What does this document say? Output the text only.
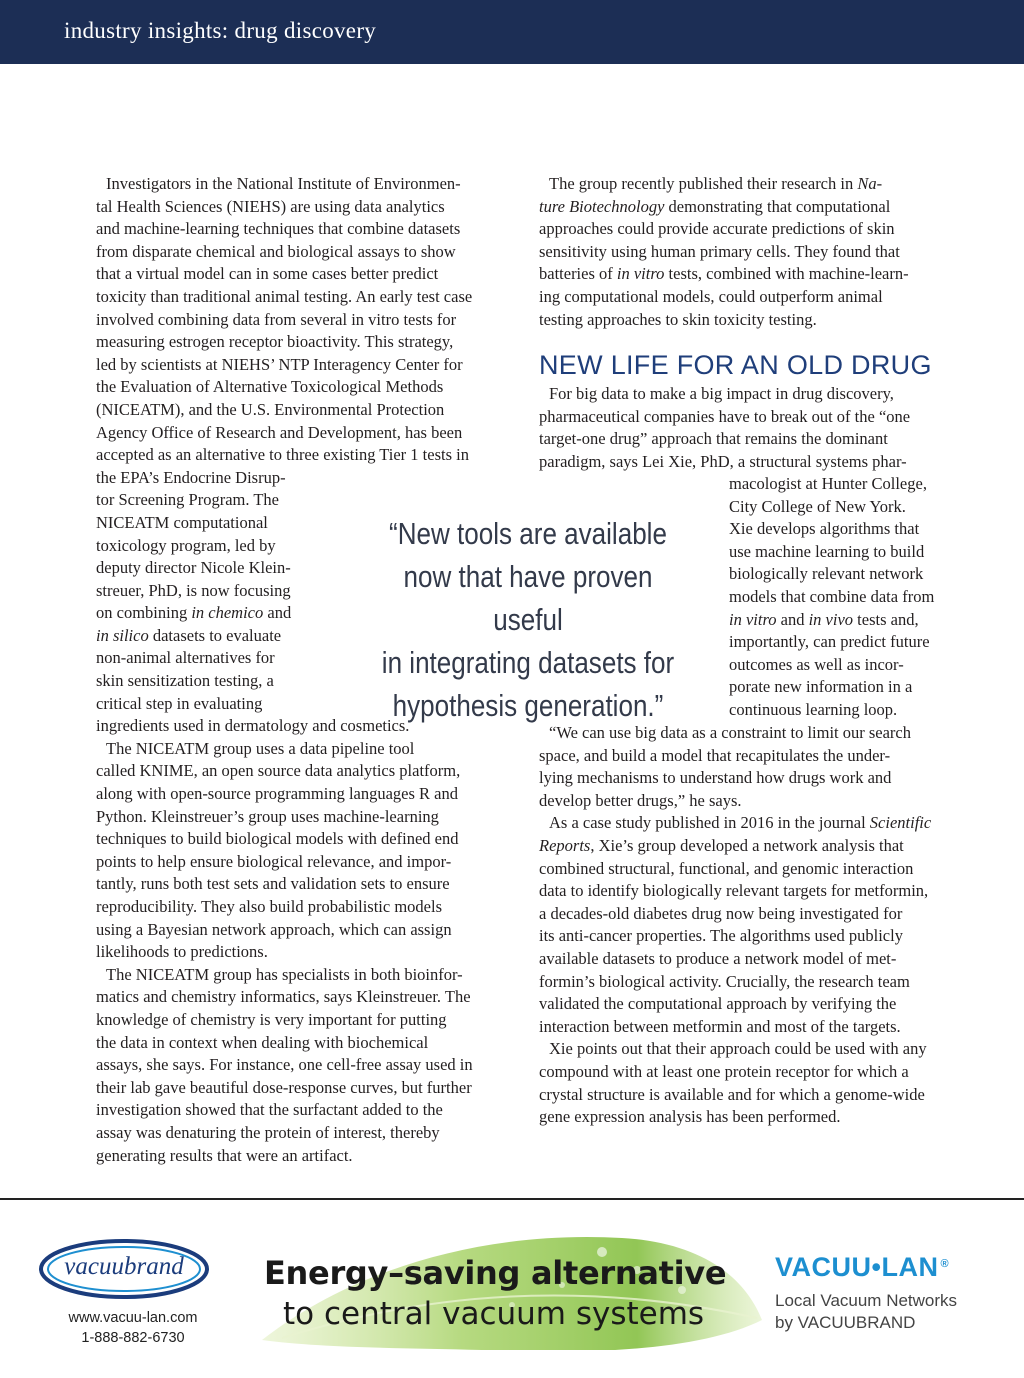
industry insights: drug discovery
Investigators in the National Institute of Environmen-
tal Health Sciences (NIEHS) are using data analytics
and machine-learning techniques that combine datasets
from disparate chemical and biological assays to show
that a virtual model can in some cases better predict
toxicity than traditional animal testing. An early test case
involved combining data from several in vitro tests for
measuring estrogen receptor bioactivity. This strategy,
led by scientists at NIEHS’ NTP Interagency Center for
the Evaluation of Alternative Toxicological Methods
(NICEATM), and the U.S. Environmental Protection
Agency Office of Research and Development, has been
accepted as an alternative to three existing Tier 1 tests in
the EPA’s Endocrine Disrup-
tor Screening Program. The
NICEATM computational
toxicology program, led by
deputy director Nicole Klein-
streuer, PhD, is now focusing
on combining in chemico and
in silico datasets to evaluate
non-animal alternatives for
skin sensitization testing, a
critical step in evaluating
ingredients used in dermatology and cosmetics.
The NICEATM group uses a data pipeline tool
called KNIME, an open source data analytics platform,
along with open-source programming languages R and
Python. Kleinstreuer’s group uses machine-learning
techniques to build biological models with defined end
points to help ensure biological relevance, and impor-
tantly, runs both test sets and validation sets to ensure
reproducibility. They also build probabilistic models
using a Bayesian network approach, which can assign
likelihoods to predictions.
The NICEATM group has specialists in both bioinfor-
matics and chemistry informatics, says Kleinstreuer. The
knowledge of chemistry is very important for putting
the data in context when dealing with biochemical
assays, she says. For instance, one cell-free assay used in
their lab gave beautiful dose-response curves, but further
investigation showed that the surfactant added to the
assay was denaturing the protein of interest, thereby
generating results that were an artifact.
“New tools are available
now that have proven useful
in integrating datasets for
hypothesis generation.”
The group recently published their research in Na-
ture Biotechnology demonstrating that computational
approaches could provide accurate predictions of skin
sensitivity using human primary cells. They found that
batteries of in vitro tests, combined with machine-learn-
ing computational models, could outperform animal
testing approaches to skin toxicity testing.
NEW LIFE FOR AN OLD DRUG
For big data to make a big impact in drug discovery,
pharmaceutical companies have to break out of the “one
target-one drug” approach that remains the dominant
paradigm, says Lei Xie, PhD, a structural systems phar-
macologist at Hunter College,
City College of New York.
Xie develops algorithms that
use machine learning to build
biologically relevant network
models that combine data from
in vitro and in vivo tests and,
importantly, can predict future
outcomes as well as incor-
porate new information in a
continuous learning loop.
“We can use big data as a constraint to limit our search
space, and build a model that recapitulates the under-
lying mechanisms to understand how drugs work and
develop better drugs,” he says.
As a case study published in 2016 in the journal Scientific
Reports, Xie’s group developed a network analysis that
combined structural, functional, and genomic interaction
data to identify biologically relevant targets for metformin,
a decades-old diabetes drug now being investigated for
its anti-cancer properties. The algorithms used publicly
available datasets to produce a network model of met-
formin’s biological activity. Crucially, the research team
validated the computational approach by verifying the
interaction between metformin and most of the targets.
Xie points out that their approach could be used with any
compound with at least one protein receptor for which a
crystal structure is available and for which a genome-wide
gene expression analysis has been performed.
vacuubrand
www.vacuu-lan.com
1-888-882-6730
Energy–saving alternative
to central vacuum systems
VACUU•LAN ®
Local Vacuum Networks
by VACUUBRAND
